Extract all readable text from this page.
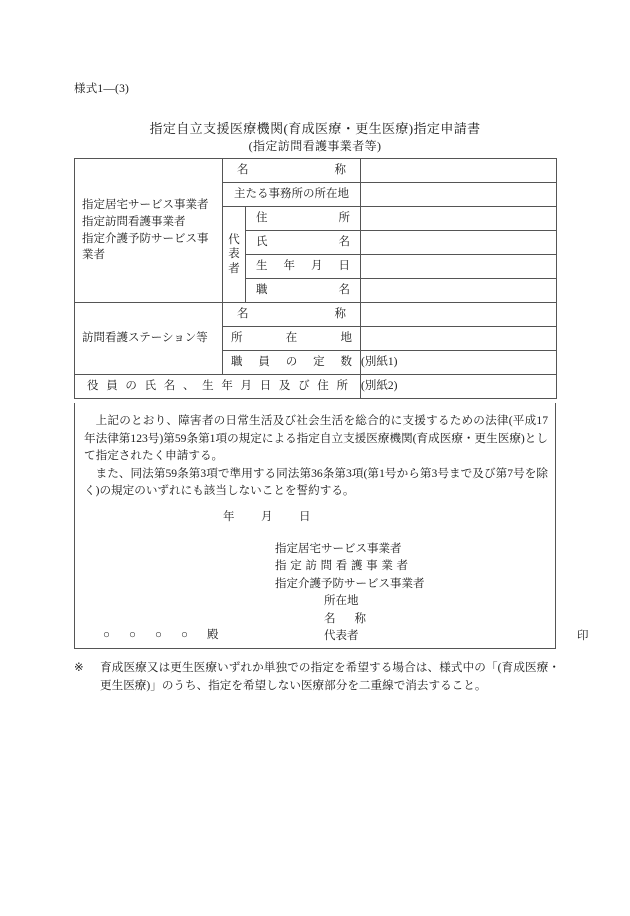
様式1―(3)
指定自立支援医療機関(育成医療・更生医療)指定申請書
(指定訪問看護事業者等)
指定居宅サービス事業者
指定訪問看護事業者
指定介護予防サービス事
業者	名 称		

	主たる事務所の所在地		

	代
表
者	住 所	

		氏 名	

		生 年 月 日	

		職 名	

訪問看護ステーション等	名 称		

	所 在 地		

	職 員 の 定 数		(別紙1)

役 員 の 氏 名 、 生 年 月 日 及 び 住 所	(別紙2)

上記のとおり、障害者の日常生活及び社会生活を総合的に支援するための法律(平成17年法律第123号)第59条第1項の規定による指定自立支援医療機関(育成医療・更生医療)として指定されたく申請する。

また、同法第59条第3項で準用する同法第36条第3項(第1号から第3号まで及び第7号を除く)の規定のいずれにも該当しないことを誓約する。

年 月 日
指定居宅サービス事業者
指 定 訪 問 看 護 事 業 者
指定介護予防サービス事業者
所在地
名 称
代表者	印
○ ○ ○ ○ 殿
※ 育成医療又は更生医療いずれか単独での指定を希望する場合は、様式中の「(育成医療・更生医療)」のうち、指定を希望しない医療部分を二重線で消去すること。
